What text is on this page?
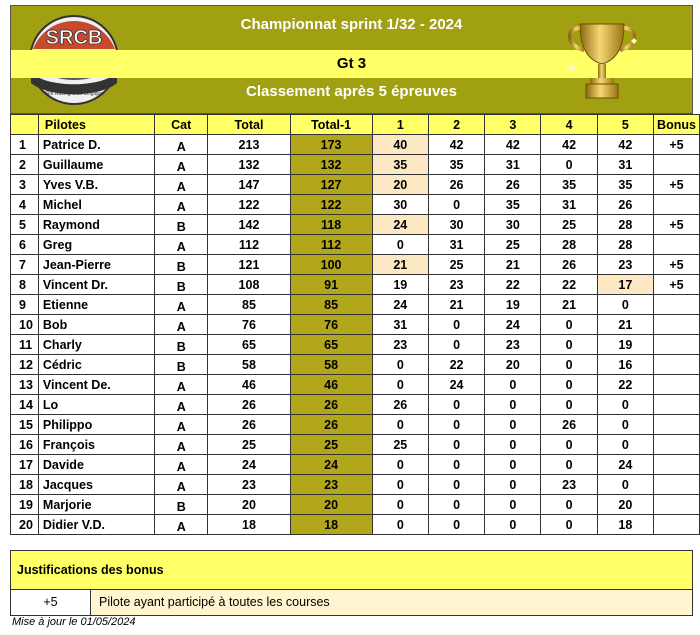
SRCB
Slot Racing Club Belgique
Championnat sprint 1/32 - 2024
Gt 3
Classement après 5 épreuves
	Pilotes	Cat	Total	Total-1	1	2	3	4	5	Bonus
1	Patrice D.	A	213	173	40	42	42	42	42	+5
2	Guillaume	A	132	132	35	35	31	0	31	
3	Yves V.B.	A	147	127	20	26	26	35	35	+5
4	Michel	A	122	122	30	0	35	31	26	
5	Raymond	B	142	118	24	30	30	25	28	+5
6	Greg	A	112	112	0	31	25	28	28	
7	Jean-Pierre	B	121	100	21	25	21	26	23	+5
8	Vincent Dr.	B	108	91	19	23	22	22	17	+5
9	Etienne	A	85	85	24	21	19	21	0	
10	Bob	A	76	76	31	0	24	0	21	
11	Charly	B	65	65	23	0	23	0	19	
12	Cédric	B	58	58	0	22	20	0	16	
13	Vincent De.	A	46	46	0	24	0	0	22	
14	Lo	A	26	26	26	0	0	0	0	
15	Philippo	A	26	26	0	0	0	26	0	
16	François	A	25	25	25	0	0	0	0	
17	Davide	A	24	24	0	0	0	0	24	
18	Jacques	A	23	23	0	0	0	23	0	
19	Marjorie	B	20	20	0	0	0	0	20	
20	Didier V.D.	A	18	18	0	0	0	0	18	
Justifications des bonus
+5	Pilote ayant participé à toutes les courses
Mise à jour le 01/05/2024
